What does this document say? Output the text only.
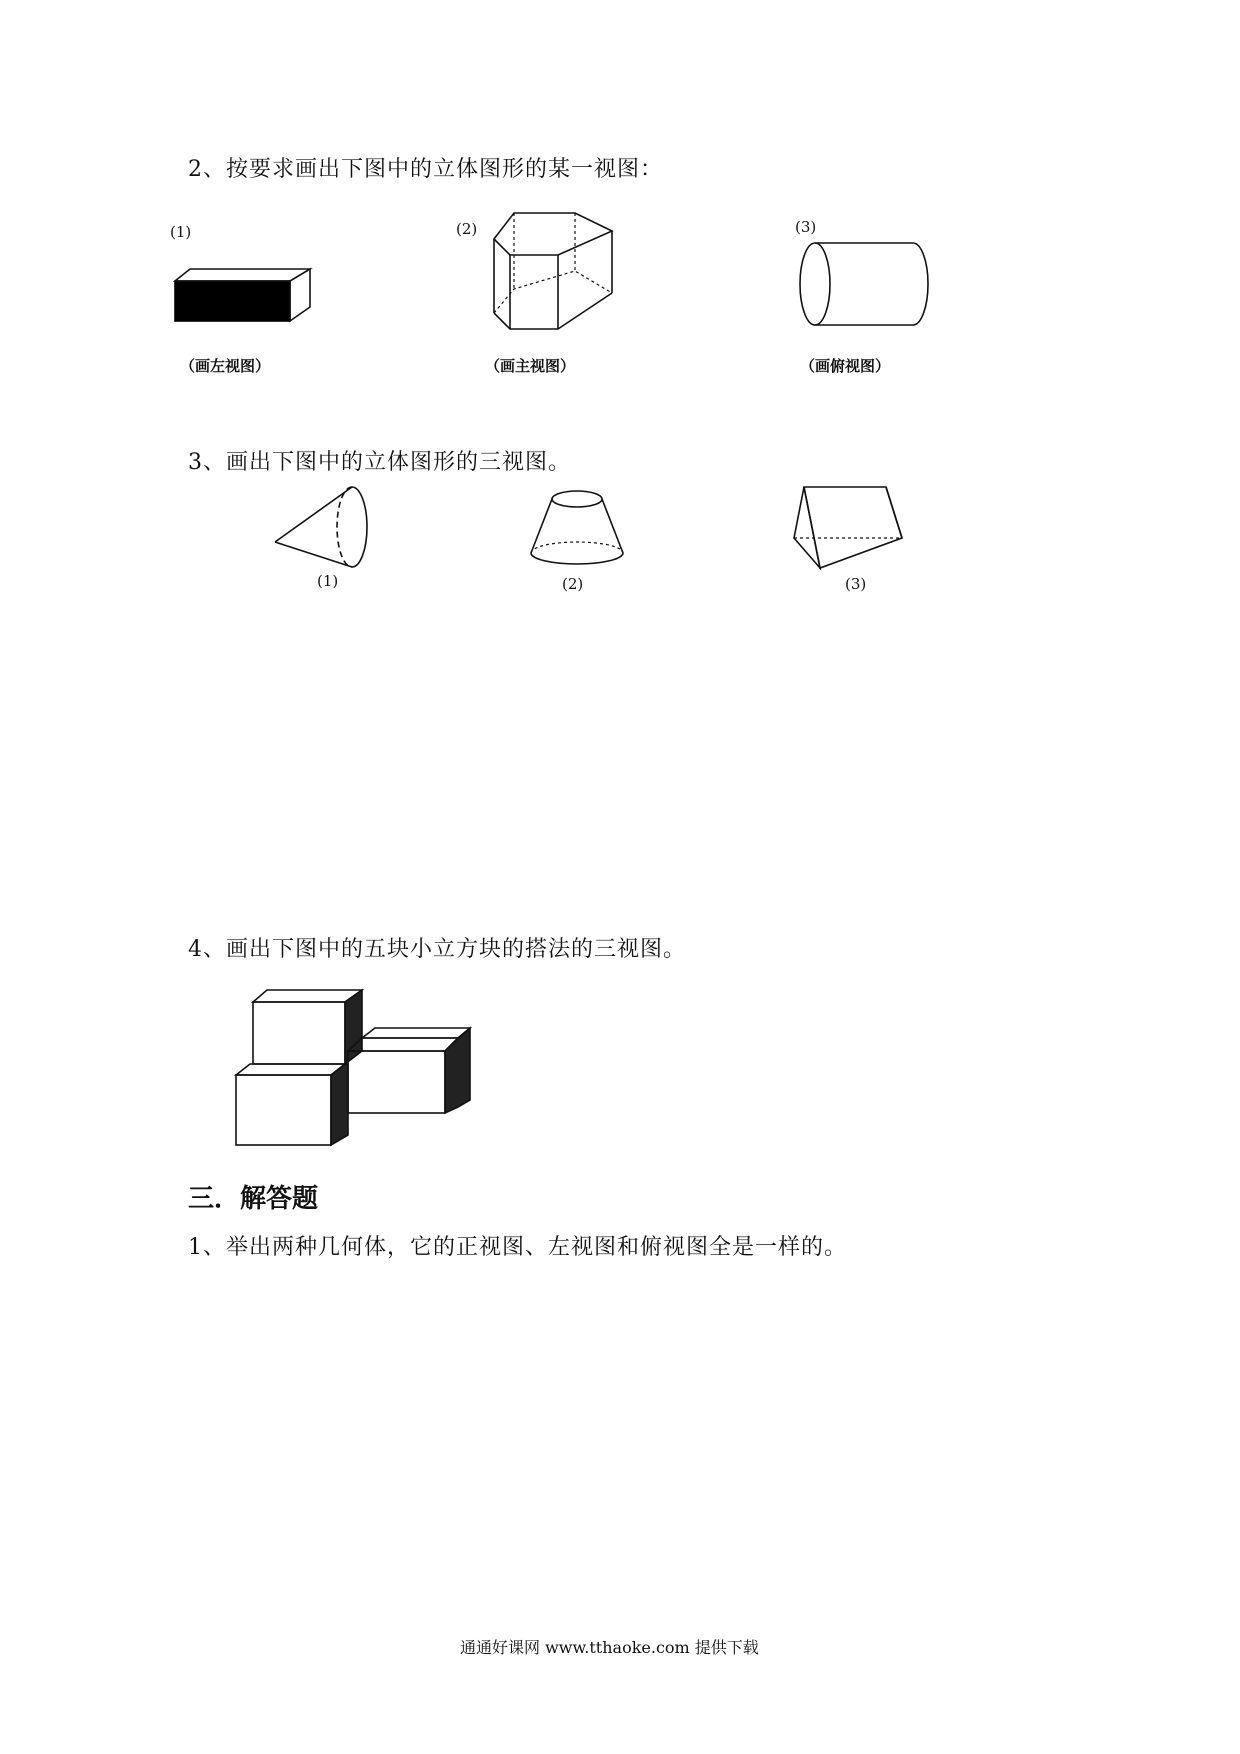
2、按要求画出下图中的立体图形的某一视图：
(1)	(2)	(3)
（画左视图）	（画主视图）	（画俯视图）
3、画出下图中的立体图形的三视图。
(1)	(2)	(3)
4、画出下图中的五块小立方块的搭法的三视图。
三．解答题
1、举出两种几何体，它的正视图、左视图和俯视图全是一样的。
通通好课网 www.tthaoke.com 提供下载
